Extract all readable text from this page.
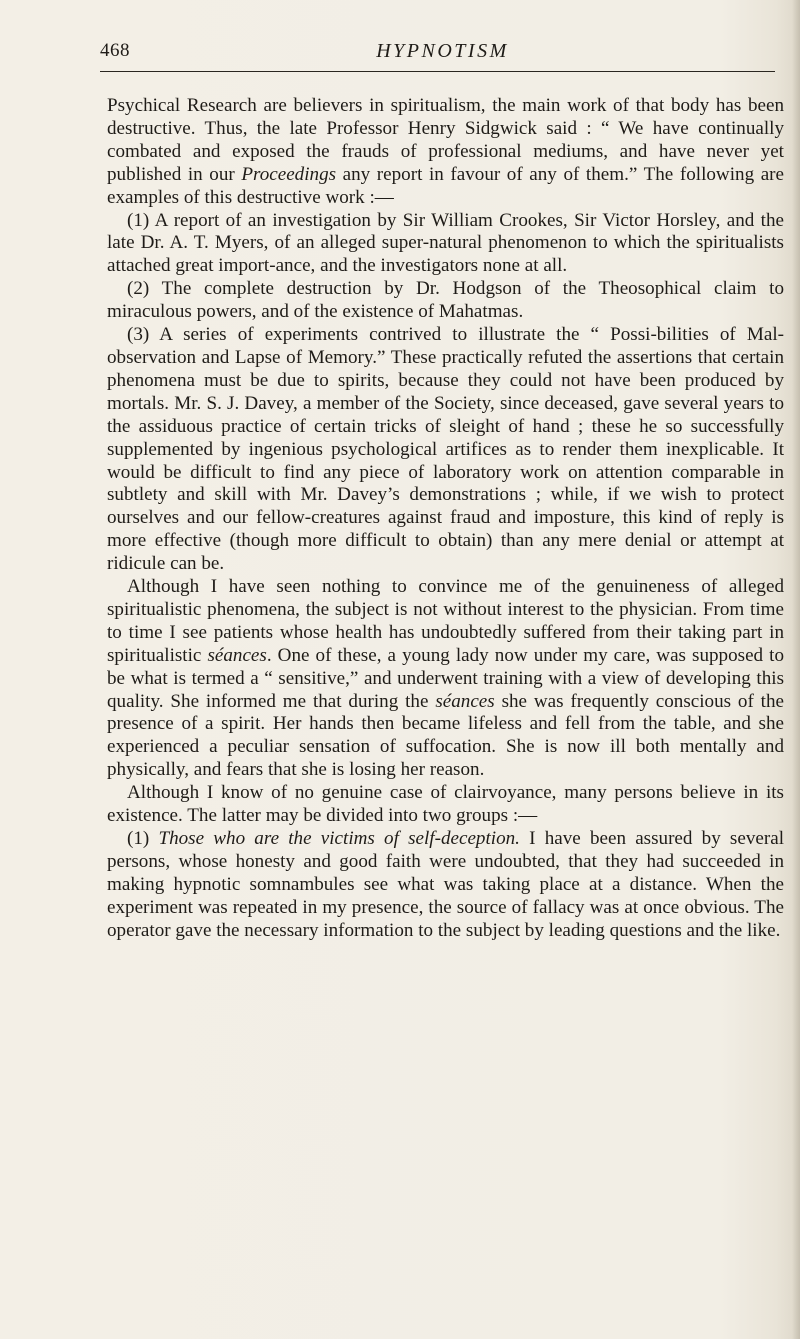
468	HYPNOTISM

Psychical Research are believers in spiritualism, the main work of that body has been destructive. Thus, the late Professor Henry Sidgwick said : “ We have continually combated and exposed the frauds of professional mediums, and have never yet published in our Proceedings any report in favour of any of them.” The following are examples of this destructive work :—

(1) A report of an investigation by Sir William Crookes, Sir Victor Horsley, and the late Dr. A. T. Myers, of an alleged super-natural phenomenon to which the spiritualists attached great import-ance, and the investigators none at all.

(2) The complete destruction by Dr. Hodgson of the Theosophical claim to miraculous powers, and of the existence of Mahatmas.

(3) A series of experiments contrived to illustrate the “ Possi-bilities of Mal-observation and Lapse of Memory.” These practically refuted the assertions that certain phenomena must be due to spirits, because they could not have been produced by mortals. Mr. S. J. Davey, a member of the Society, since deceased, gave several years to the assiduous practice of certain tricks of sleight of hand ; these he so successfully supplemented by ingenious psychological artifices as to render them inexplicable. It would be difficult to find any piece of laboratory work on attention comparable in subtlety and skill with Mr. Davey’s demonstrations ; while, if we wish to protect ourselves and our fellow-creatures against fraud and imposture, this kind of reply is more effective (though more difficult to obtain) than any mere denial or attempt at ridicule can be.

Although I have seen nothing to convince me of the genuineness of alleged spiritualistic phenomena, the subject is not without interest to the physician. From time to time I see patients whose health has undoubtedly suffered from their taking part in spiritualistic séances. One of these, a young lady now under my care, was supposed to be what is termed a “ sensitive,” and underwent training with a view of developing this quality. She informed me that during the séances she was frequently conscious of the presence of a spirit. Her hands then became lifeless and fell from the table, and she experienced a peculiar sensation of suffocation. She is now ill both mentally and physically, and fears that she is losing her reason.

Although I know of no genuine case of clairvoyance, many persons believe in its existence. The latter may be divided into two groups :—

(1) Those who are the victims of self-deception. I have been assured by several persons, whose honesty and good faith were undoubted, that they had succeeded in making hypnotic somnambules see what was taking place at a distance. When the experiment was repeated in my presence, the source of fallacy was at once obvious. The operator gave the necessary information to the subject by leading questions and the like.
